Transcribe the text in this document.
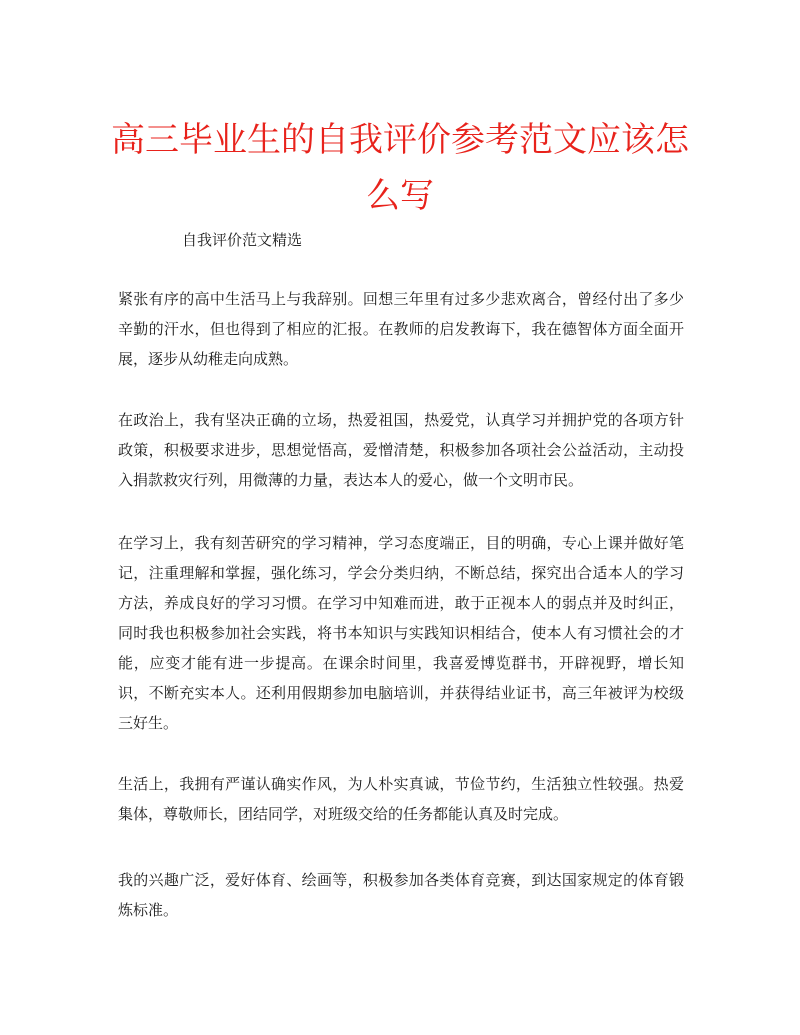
高三毕业生的自我评价参考范文应该怎么写

自我评价范文精选

紧张有序的高中生活马上与我辞别。回想三年里有过多少悲欢离合，曾经付出了多少辛勤的汗水，但也得到了相应的汇报。在教师的启发教诲下，我在德智体方面全面开展，逐步从幼稚走向成熟。

在政治上，我有坚决正确的立场，热爱祖国，热爱党，认真学习并拥护党的各项方针政策，积极要求进步，思想觉悟高，爱憎清楚，积极参加各项社会公益活动，主动投入捐款救灾行列，用微薄的力量，表达本人的爱心，做一个文明市民。

在学习上，我有刻苦研究的学习精神，学习态度端正，目的明确，专心上课并做好笔记，注重理解和掌握，强化练习，学会分类归纳，不断总结，探究出合适本人的学习方法，养成良好的学习习惯。在学习中知难而进，敢于正视本人的弱点并及时纠正，同时我也积极参加社会实践，将书本知识与实践知识相结合，使本人有习惯社会的才能，应变才能有进一步提高。在课余时间里，我喜爱博览群书，开辟视野，增长知识，不断充实本人。还利用假期参加电脑培训，并获得结业证书，高三年被评为校级三好生。

生活上，我拥有严谨认确实作风，为人朴实真诚，节俭节约，生活独立性较强。热爱集体，尊敬师长，团结同学，对班级交给的任务都能认真及时完成。

我的兴趣广泛，爱好体育、绘画等，积极参加各类体育竞赛，到达国家规定的体育锻炼标准。
